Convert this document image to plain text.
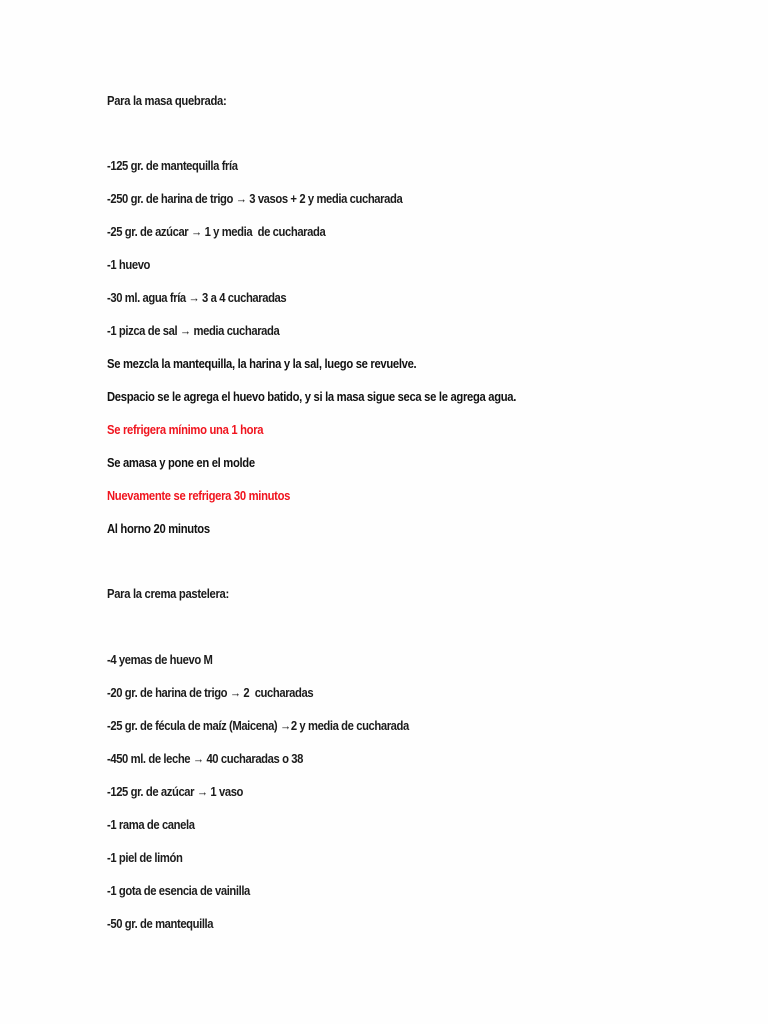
Para la masa quebrada:
-125 gr. de mantequilla fría
-250 gr. de harina de trigo → 3 vasos + 2 y media cucharada
-25 gr. de azúcar → 1 y media  de cucharada
-1 huevo
-30 ml. agua fría → 3 a 4 cucharadas
-1 pizca de sal → media cucharada
Se mezcla la mantequilla, la harina y la sal, luego se revuelve.
Despacio se le agrega el huevo batido, y si la masa sigue seca se le agrega agua.
Se refrigera mínimo una 1 hora
Se amasa y pone en el molde
Nuevamente se refrigera 30 minutos
Al horno 20 minutos
Para la crema pastelera:
-4 yemas de huevo M
-20 gr. de harina de trigo → 2  cucharadas
-25 gr. de fécula de maíz (Maicena) →2 y media de cucharada
-450 ml. de leche → 40 cucharadas o 38
-125 gr. de azúcar → 1 vaso
-1 rama de canela
-1 piel de limón
-1 gota de esencia de vainilla
-50 gr. de mantequilla
